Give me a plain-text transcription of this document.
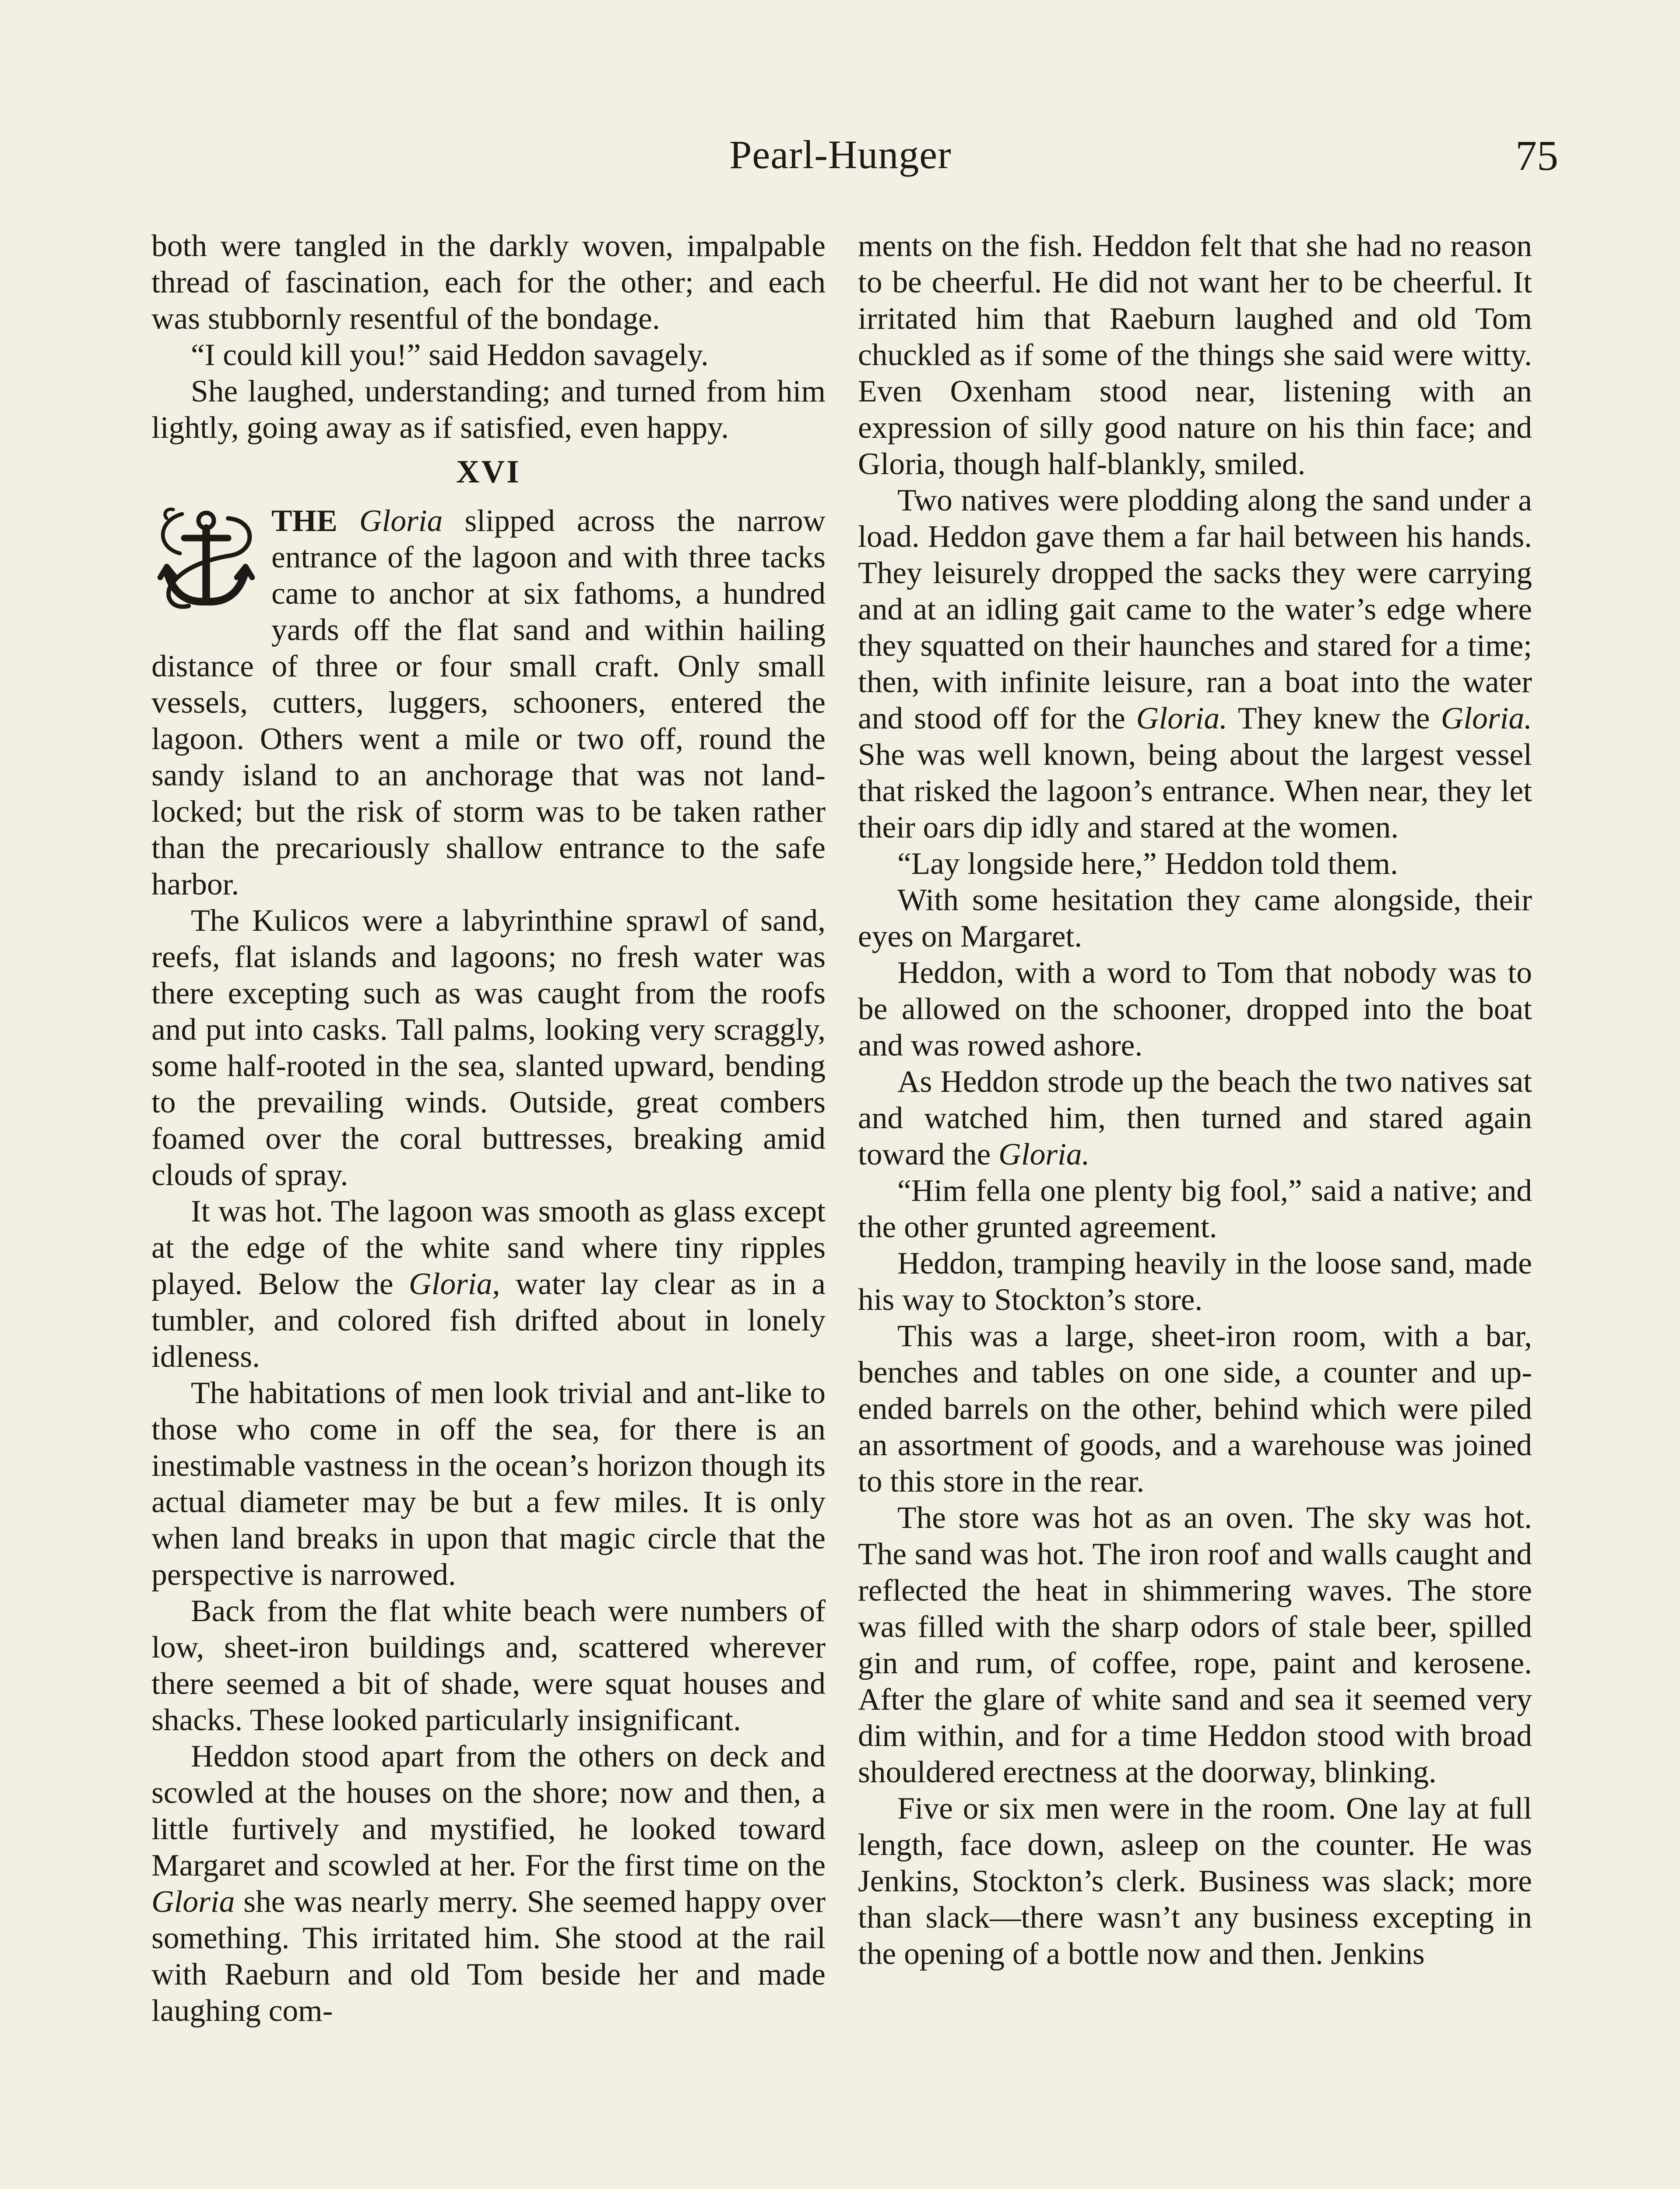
Pearl-Hunger	75

both were tangled in the darkly woven, impalpable thread of fascination, each for the other; and each was stubbornly resentful of the bondage.

“I could kill you!” said Heddon savagely.

She laughed, understanding; and turned from him lightly, going away as if satisfied, even happy.

XVI

THE Gloria slipped across the narrow entrance of the lagoon and with three tacks came to anchor at six fathoms, a hundred yards off the flat sand and within hailing distance of three or four small craft. Only small vessels, cutters, luggers, schooners, entered the lagoon. Others went a mile or two off, round the sandy island to an anchorage that was not land-locked; but the risk of storm was to be taken rather than the precariously shallow entrance to the safe harbor.

The Kulicos were a labyrinthine sprawl of sand, reefs, flat islands and lagoons; no fresh water was there excepting such as was caught from the roofs and put into casks. Tall palms, looking very scraggly, some half-rooted in the sea, slanted upward, bending to the prevailing winds. Outside, great combers foamed over the coral buttresses, breaking amid clouds of spray.

It was hot. The lagoon was smooth as glass except at the edge of the white sand where tiny ripples played. Below the Gloria, water lay clear as in a tumbler, and colored fish drifted about in lonely idleness.

The habitations of men look trivial and ant-like to those who come in off the sea, for there is an inestimable vastness in the ocean’s horizon though its actual diameter may be but a few miles. It is only when land breaks in upon that magic circle that the perspective is narrowed.

Back from the flat white beach were numbers of low, sheet-iron buildings and, scattered wherever there seemed a bit of shade, were squat houses and shacks. These looked particularly insignificant.

Heddon stood apart from the others on deck and scowled at the houses on the shore; now and then, a little furtively and mystified, he looked toward Margaret and scowled at her. For the first time on the Gloria she was nearly merry. She seemed happy over something. This irritated him. She stood at the rail with Raeburn and old Tom beside her and made laughing com-

ments on the fish. Heddon felt that she had no reason to be cheerful. He did not want her to be cheerful. It irritated him that Raeburn laughed and old Tom chuckled as if some of the things she said were witty. Even Oxenham stood near, listening with an expression of silly good nature on his thin face; and Gloria, though half-blankly, smiled.

Two natives were plodding along the sand under a load. Heddon gave them a far hail between his hands. They leisurely dropped the sacks they were carrying and at an idling gait came to the water’s edge where they squatted on their haunches and stared for a time; then, with infinite leisure, ran a boat into the water and stood off for the Gloria. They knew the Gloria. She was well known, being about the largest vessel that risked the lagoon’s entrance. When near, they let their oars dip idly and stared at the women.

“Lay longside here,” Heddon told them.

With some hesitation they came alongside, their eyes on Margaret.

Heddon, with a word to Tom that nobody was to be allowed on the schooner, dropped into the boat and was rowed ashore.

As Heddon strode up the beach the two natives sat and watched him, then turned and stared again toward the Gloria.

“Him fella one plenty big fool,” said a native; and the other grunted agreement.

Heddon, tramping heavily in the loose sand, made his way to Stockton’s store.

This was a large, sheet-iron room, with a bar, benches and tables on one side, a counter and up-ended barrels on the other, behind which were piled an assortment of goods, and a warehouse was joined to this store in the rear.

The store was hot as an oven. The sky was hot. The sand was hot. The iron roof and walls caught and reflected the heat in shimmering waves. The store was filled with the sharp odors of stale beer, spilled gin and rum, of coffee, rope, paint and kerosene. After the glare of white sand and sea it seemed very dim within, and for a time Heddon stood with broad shouldered erectness at the doorway, blinking.

Five or six men were in the room. One lay at full length, face down, asleep on the counter. He was Jenkins, Stockton’s clerk. Business was slack; more than slack—there wasn’t any business excepting in the opening of a bottle now and then. Jenkins
